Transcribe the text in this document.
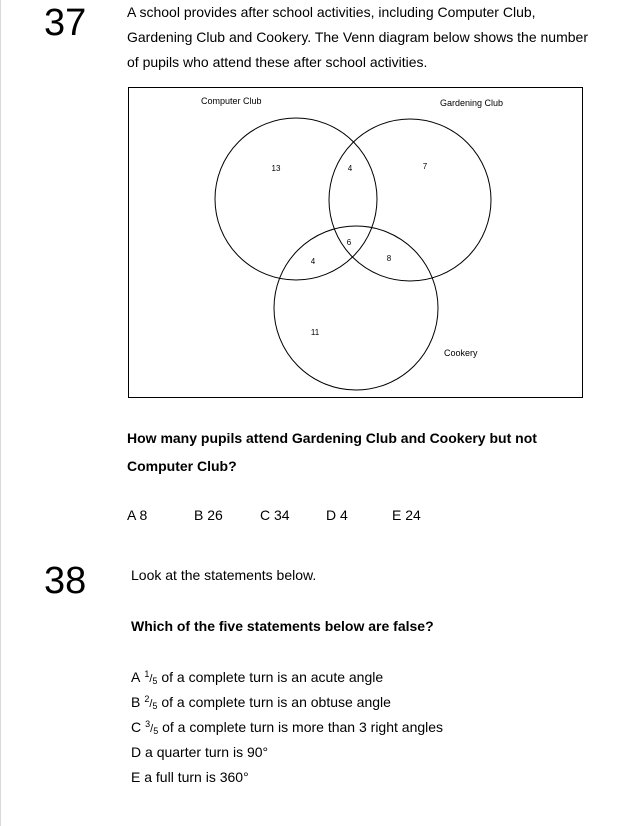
37	A school provides after school activities, including Computer Club,
Gardening Club and Cookery. The Venn diagram below shows the number
of pupils who attend these after school activities.
Computer Club	Gardening Club
Cookery
13	4	7
6
4	8
11
How many pupils attend Gardening Club and Cookery but not
Computer Club?
A 8	B 26	C 34	D 4	E 24
38	Look at the statements below.
Which of the five statements below are false?
A 1/5 of a complete turn is an acute angle
B 2/5 of a complete turn is an obtuse angle
C 3/5 of a complete turn is more than 3 right angles
D a quarter turn is 90°
E a full turn is 360°
